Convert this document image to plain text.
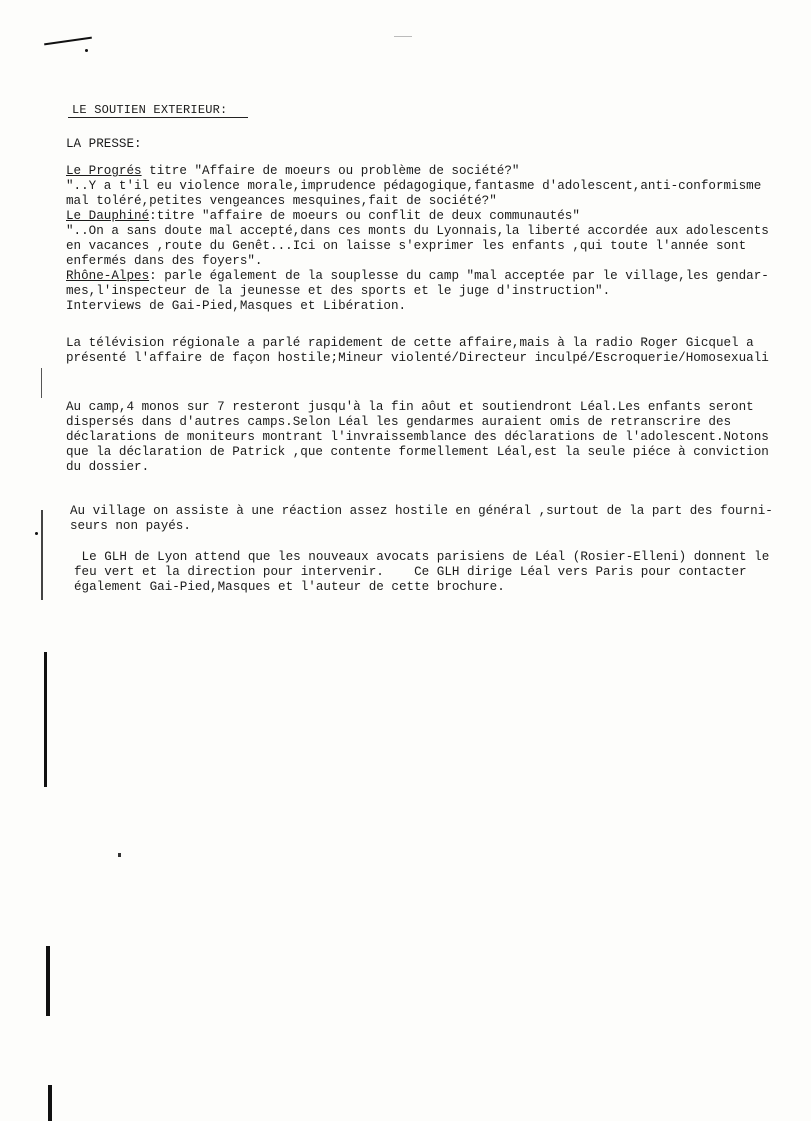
LE SOUTIEN EXTERIEUR:

LA PRESSE:

Le Progrés titre "Affaire de moeurs ou problème de société?"
"..Y a t'il eu violence morale,imprudence pédagogique,fantasme d'adolescent,anti-conformisme
mal toléré,petites vengeances mesquines,fait de société?"
Le Dauphiné:titre "affaire de moeurs ou conflit de deux communautés"
"..On a sans doute mal accepté,dans ces monts du Lyonnais,la liberté accordée aux adolescents
en vacances ,route du Genêt...Ici on laisse s'exprimer les enfants ,qui toute l'année sont
enfermés dans des foyers".
Rhône-Alpes: parle également de la souplesse du camp "mal acceptée par le village,les gendar-
mes,l'inspecteur de la jeunesse et des sports et le juge d'instruction".
Interviews de Gai-Pied,Masques et Libération.
La télévision régionale a parlé rapidement de cette affaire,mais à la radio Roger Gicquel a
présenté l'affaire de façon hostile;Mineur violenté/Directeur inculpé/Escroquerie/Homosexuali
Au camp,4 monos sur 7 resteront jusqu'à la fin aôut et soutiendront Léal.Les enfants seront
dispersés dans d'autres camps.Selon Léal les gendarmes auraient omis de retranscrire des
déclarations de moniteurs montrant l'invraissemblance des déclarations de l'adolescent.Notons
que la déclaration de Patrick ,que contente formellement Léal,est la seule piéce à conviction
du dossier.
Au village on assiste à une réaction assez hostile en général ,surtout de la part des fourni-
seurs non payés.
Le GLH de Lyon attend que les nouveaux avocats parisiens de Léal (Rosier-Elleni) donnent le
feu vert et la direction pour intervenir.    Ce GLH dirige Léal vers Paris pour contacter
également Gai-Pied,Masques et l'auteur de cette brochure.
